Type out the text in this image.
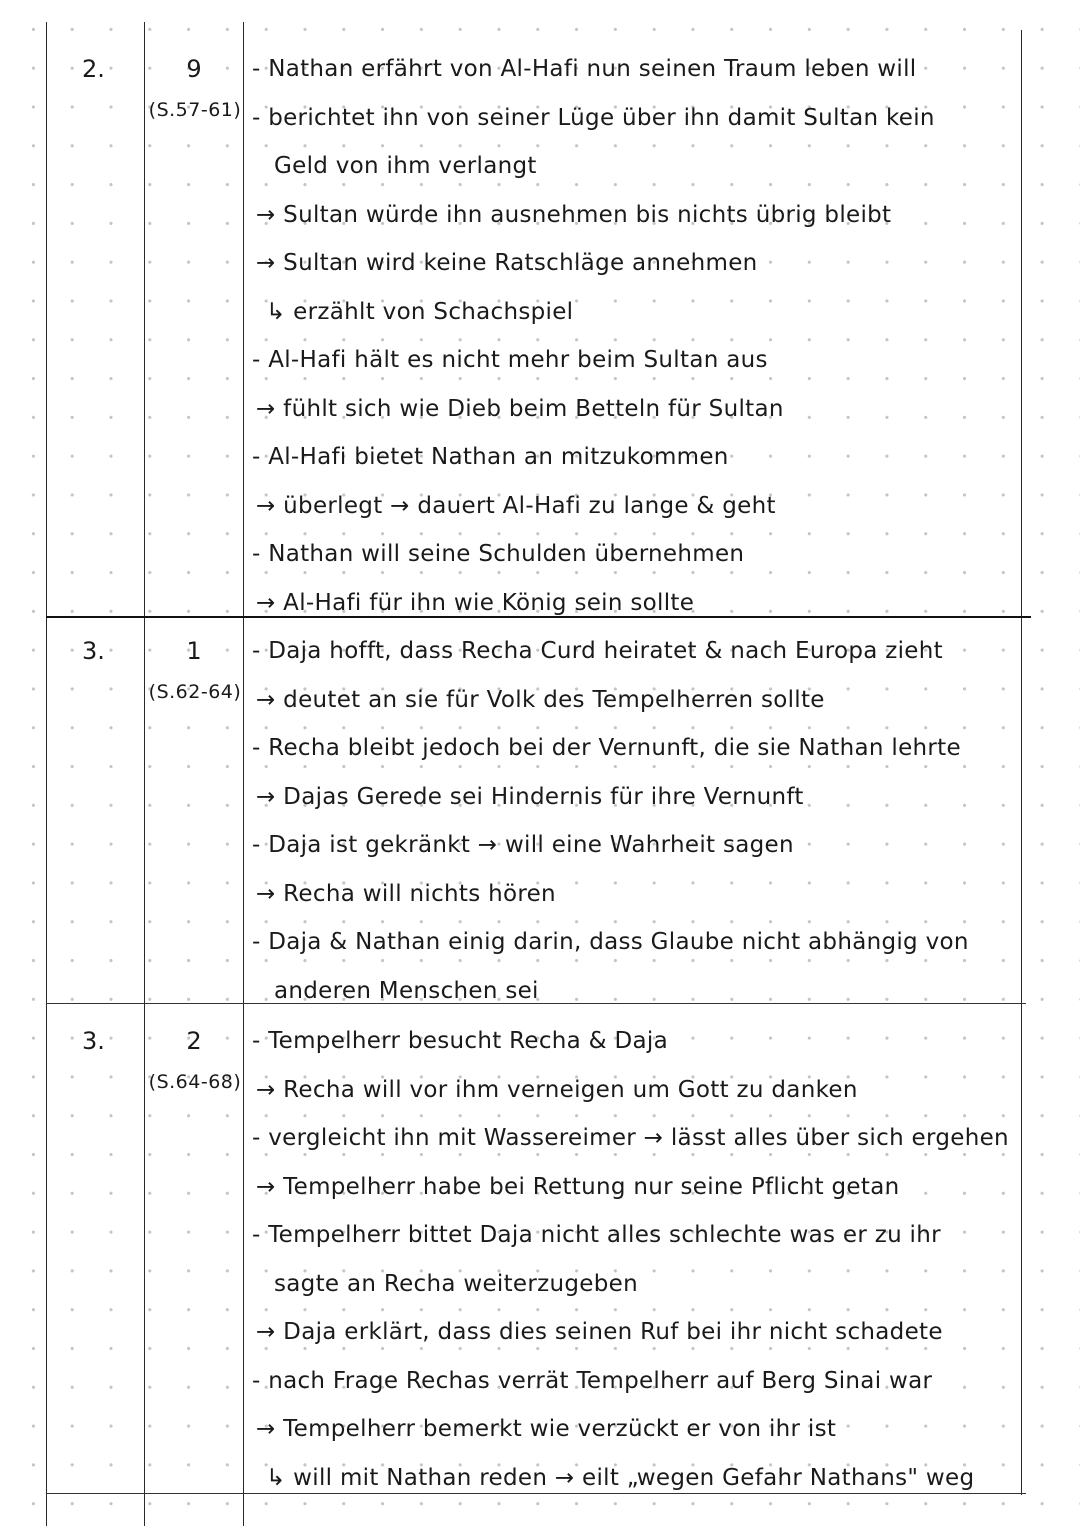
2.	9
(S.57-61)
- Nathan erfährt von Al-Hafi nun seinen Traum leben will
- berichtet ihn von seiner Lüge über ihn damit Sultan kein
Geld von ihm verlangt
→ Sultan würde ihn ausnehmen bis nichts übrig bleibt
→ Sultan wird keine Ratschläge annehmen
↳ erzählt von Schachspiel
- Al-Hafi hält es nicht mehr beim Sultan aus
→ fühlt sich wie Dieb beim Betteln für Sultan
- Al-Hafi bietet Nathan an mitzukommen
→ überlegt → dauert Al-Hafi zu lange & geht
- Nathan will seine Schulden übernehmen
→ Al-Hafi für ihn wie König sein sollte
3.	1
(S.62-64)
- Daja hofft, dass Recha Curd heiratet & nach Europa zieht
→ deutet an sie für Volk des Tempelherren sollte
- Recha bleibt jedoch bei der Vernunft, die sie Nathan lehrte
→ Dajas Gerede sei Hindernis für ihre Vernunft
- Daja ist gekränkt → will eine Wahrheit sagen
→ Recha will nichts hören
- Daja & Nathan einig darin, dass Glaube nicht abhängig von
anderen Menschen sei
3.	2
(S.64-68)
- Tempelherr besucht Recha & Daja
→ Recha will vor ihm verneigen um Gott zu danken
- vergleicht ihn mit Wassereimer → lässt alles über sich ergehen
→ Tempelherr habe bei Rettung nur seine Pflicht getan
- Tempelherr bittet Daja nicht alles schlechte was er zu ihr
sagte an Recha weiterzugeben
→ Daja erklärt, dass dies seinen Ruf bei ihr nicht schadete
- nach Frage Rechas verrät Tempelherr auf Berg Sinai war
→ Tempelherr bemerkt wie verzückt er von ihr ist
↳ will mit Nathan reden → eilt „wegen Gefahr Nathans" weg
